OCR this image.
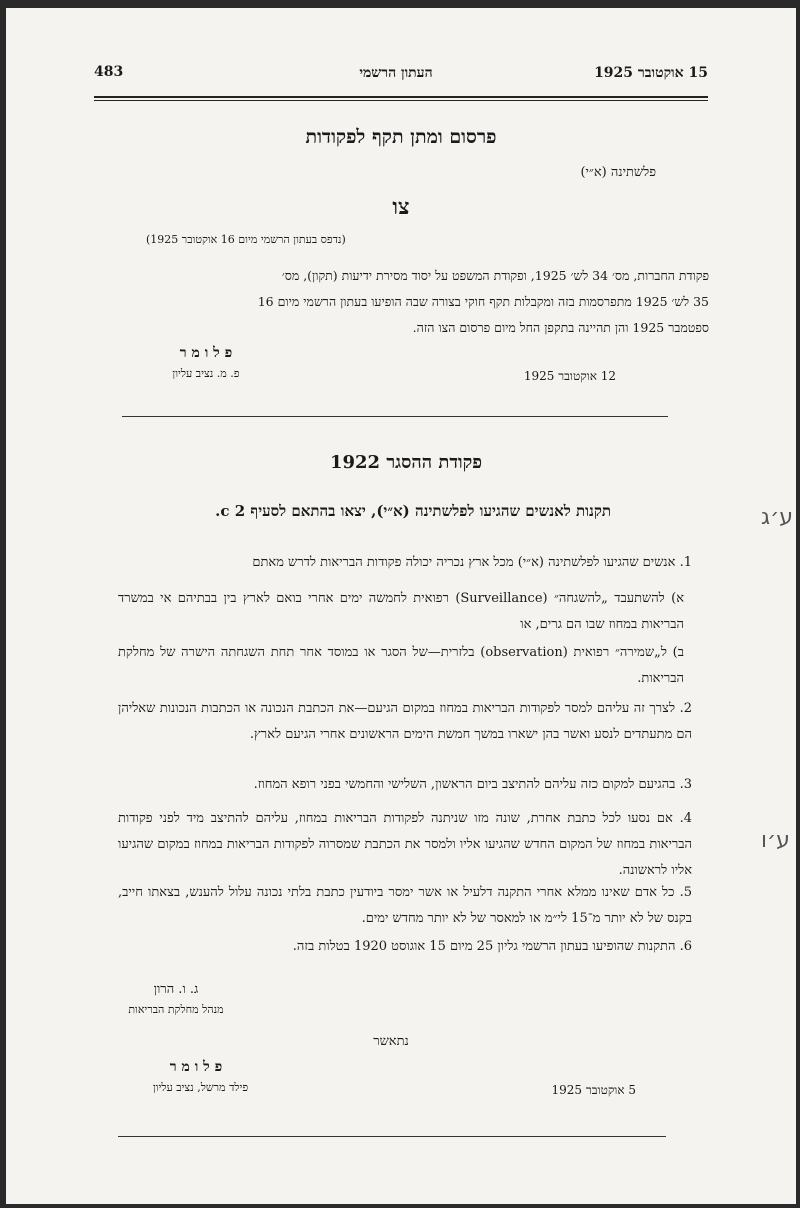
483	העתון הרשמי	15 אוקטובר 1925
פרסום ומתן תקף לפקודות
פלשתינה (א״י)
צו
(נדפס בעתון הרשמי מיום 16 אוקטובר 1925)
פקודת החברות, מס׳ 34 לש׳ 1925, ופקודת המשפט על יסוד מסירת ידיעות (תקון), מס׳
35 לש׳ 1925 מתפרסמות בזה ומקבלות תקף חוקי בצורה שבה הופיעו בעתון הרשמי מיום 16
ספטמבר 1925 והן תהיינה בתקפן החל מיום פרסום הצו הזה.
פ ל ו מ ר
פ. מ. נציב עליון	12 אוקטובר 1925
פקודת ההסגר 1922
תקנות לאנשים שהגיעו לפלשתינה (א״י), יצאו בהתאם לסעיף c 2.	ע׳ג
1. אנשים שהגיעו לפלשתינה (א״י) מכל ארץ נכריה יכולה פקודות הבריאות לדרש מאתם
א) להשתעבד „להשגחה״ (Surveillance) רפואית לחמשה ימים אחרי בואם לארץ בין בבתיהם אי במשרד הבריאות במחוז שבו הם גרים, או
ב) ל„שמירה״ רפואית (observation) בלזרית—של הסגר או במוסד אחר תחת השגחתה הישרה של מחלקת הבריאות.
2. לצרך זה עליהם למסר לפקודות הבריאות במחוז במקום הגיעם—את הכתבת הנכונה או הכתבות הנכונות שאליהן הם מתעתדים לנסע ואשר בהן ישארו במשך חמשת הימים הראשונים אחרי הגיעם לארץ.
3. בהגיעם למקום כזה עליהם להתיצב ביום הראשון, השלישי והחמשי בפני רופא המחוז.
ע׳ו
4. אם נסעו לכל כתבת אחרת, שונה מזו שניתנה לפקודות הבריאות במחוז, עליהם להתיצב מיד לפני פקודות הבריאות במחוז של המקום החדש שהגיעו אליו ולמסר את הכתבת שמסרוה לפקודות הבריאות במחוז במקום שהגיעו אליו לראשונה.
5. כל אדם שאינו ממלא אחרי התקנה דלעיל או אשר ימסר ביודעין כתבת בלתי נכונה עלול להענש, בצאתו חייב, בקנס של לא יותר מ־15 לי״מ או למאסר של לא יותר מחדש ימים.
6. התקנות שהופיעו בעתון הרשמי גליון 25 מיום 15 אוגוסט 1920 בטלות בזה.
ג. ו. הרון
מנהל מחלקת הבריאות
נתאשר
פ ל ו מ ר
פילד מרשל, נציב עליון	5 אוקטובר 1925
